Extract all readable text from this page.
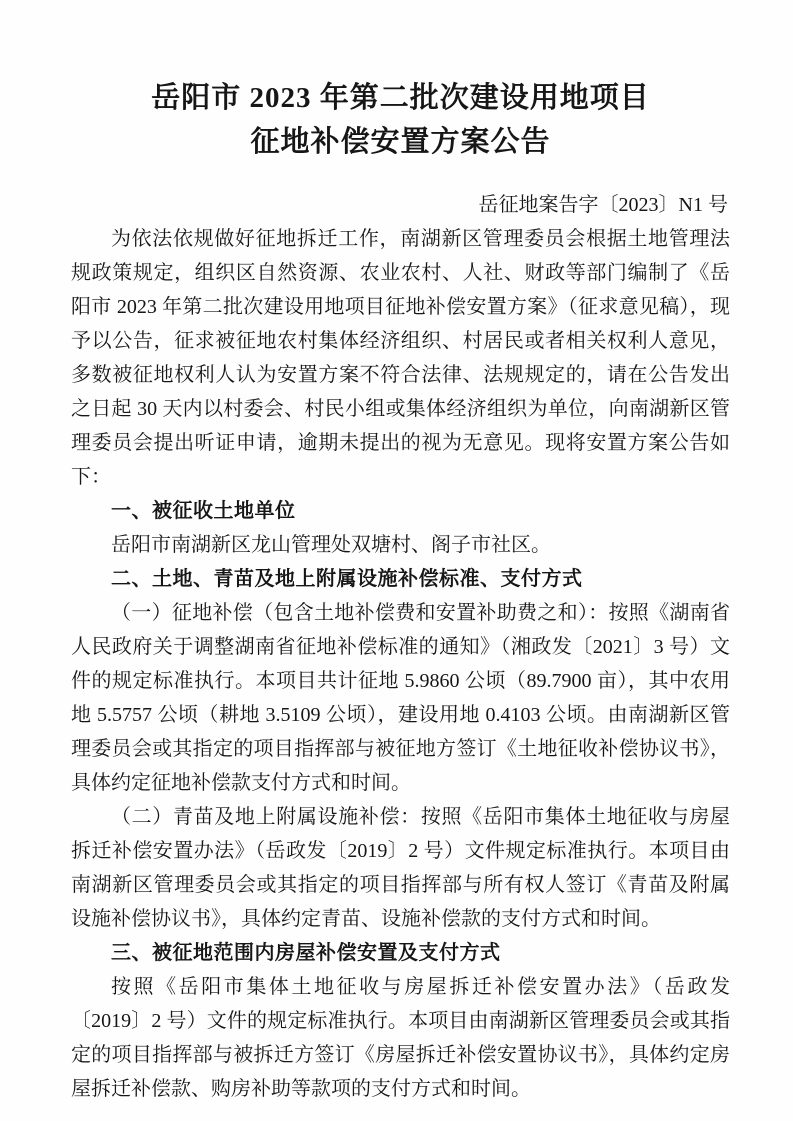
岳阳市 2023 年第二批次建设用地项目
征地补偿安置方案公告
岳征地案告字〔2023〕N1 号

为依法依规做好征地拆迁工作，南湖新区管理委员会根据土地管理法规政策规定，组织区自然资源、农业农村、人社、财政等部门编制了《岳阳市 2023 年第二批次建设用地项目征地补偿安置方案》（征求意见稿），现予以公告，征求被征地农村集体经济组织、村居民或者相关权利人意见，多数被征地权利人认为安置方案不符合法律、法规规定的，请在公告发出之日起 30 天内以村委会、村民小组或集体经济组织为单位，向南湖新区管理委员会提出听证申请，逾期未提出的视为无意见。现将安置方案公告如下：

一、被征收土地单位

岳阳市南湖新区龙山管理处双塘村、阁子市社区。

二、土地、青苗及地上附属设施补偿标准、支付方式

（一）征地补偿（包含土地补偿费和安置补助费之和）：按照《湖南省人民政府关于调整湖南省征地补偿标准的通知》（湘政发〔2021〕3 号）文件的规定标准执行。本项目共计征地 5.9860 公顷（89.7900 亩），其中农用地 5.5757 公顷（耕地 3.5109 公顷），建设用地 0.4103 公顷。由南湖新区管理委员会或其指定的项目指挥部与被征地方签订《土地征收补偿协议书》，具体约定征地补偿款支付方式和时间。

（二）青苗及地上附属设施补偿：按照《岳阳市集体土地征收与房屋拆迁补偿安置办法》（岳政发〔2019〕2 号）文件规定标准执行。本项目由南湖新区管理委员会或其指定的项目指挥部与所有权人签订《青苗及附属设施补偿协议书》，具体约定青苗、设施补偿款的支付方式和时间。

三、被征地范围内房屋补偿安置及支付方式

按照《岳阳市集体土地征收与房屋拆迁补偿安置办法》（岳政发〔2019〕2 号）文件的规定标准执行。本项目由南湖新区管理委员会或其指定的项目指挥部与被拆迁方签订《房屋拆迁补偿安置协议书》，具体约定房屋拆迁补偿款、购房补助等款项的支付方式和时间。
